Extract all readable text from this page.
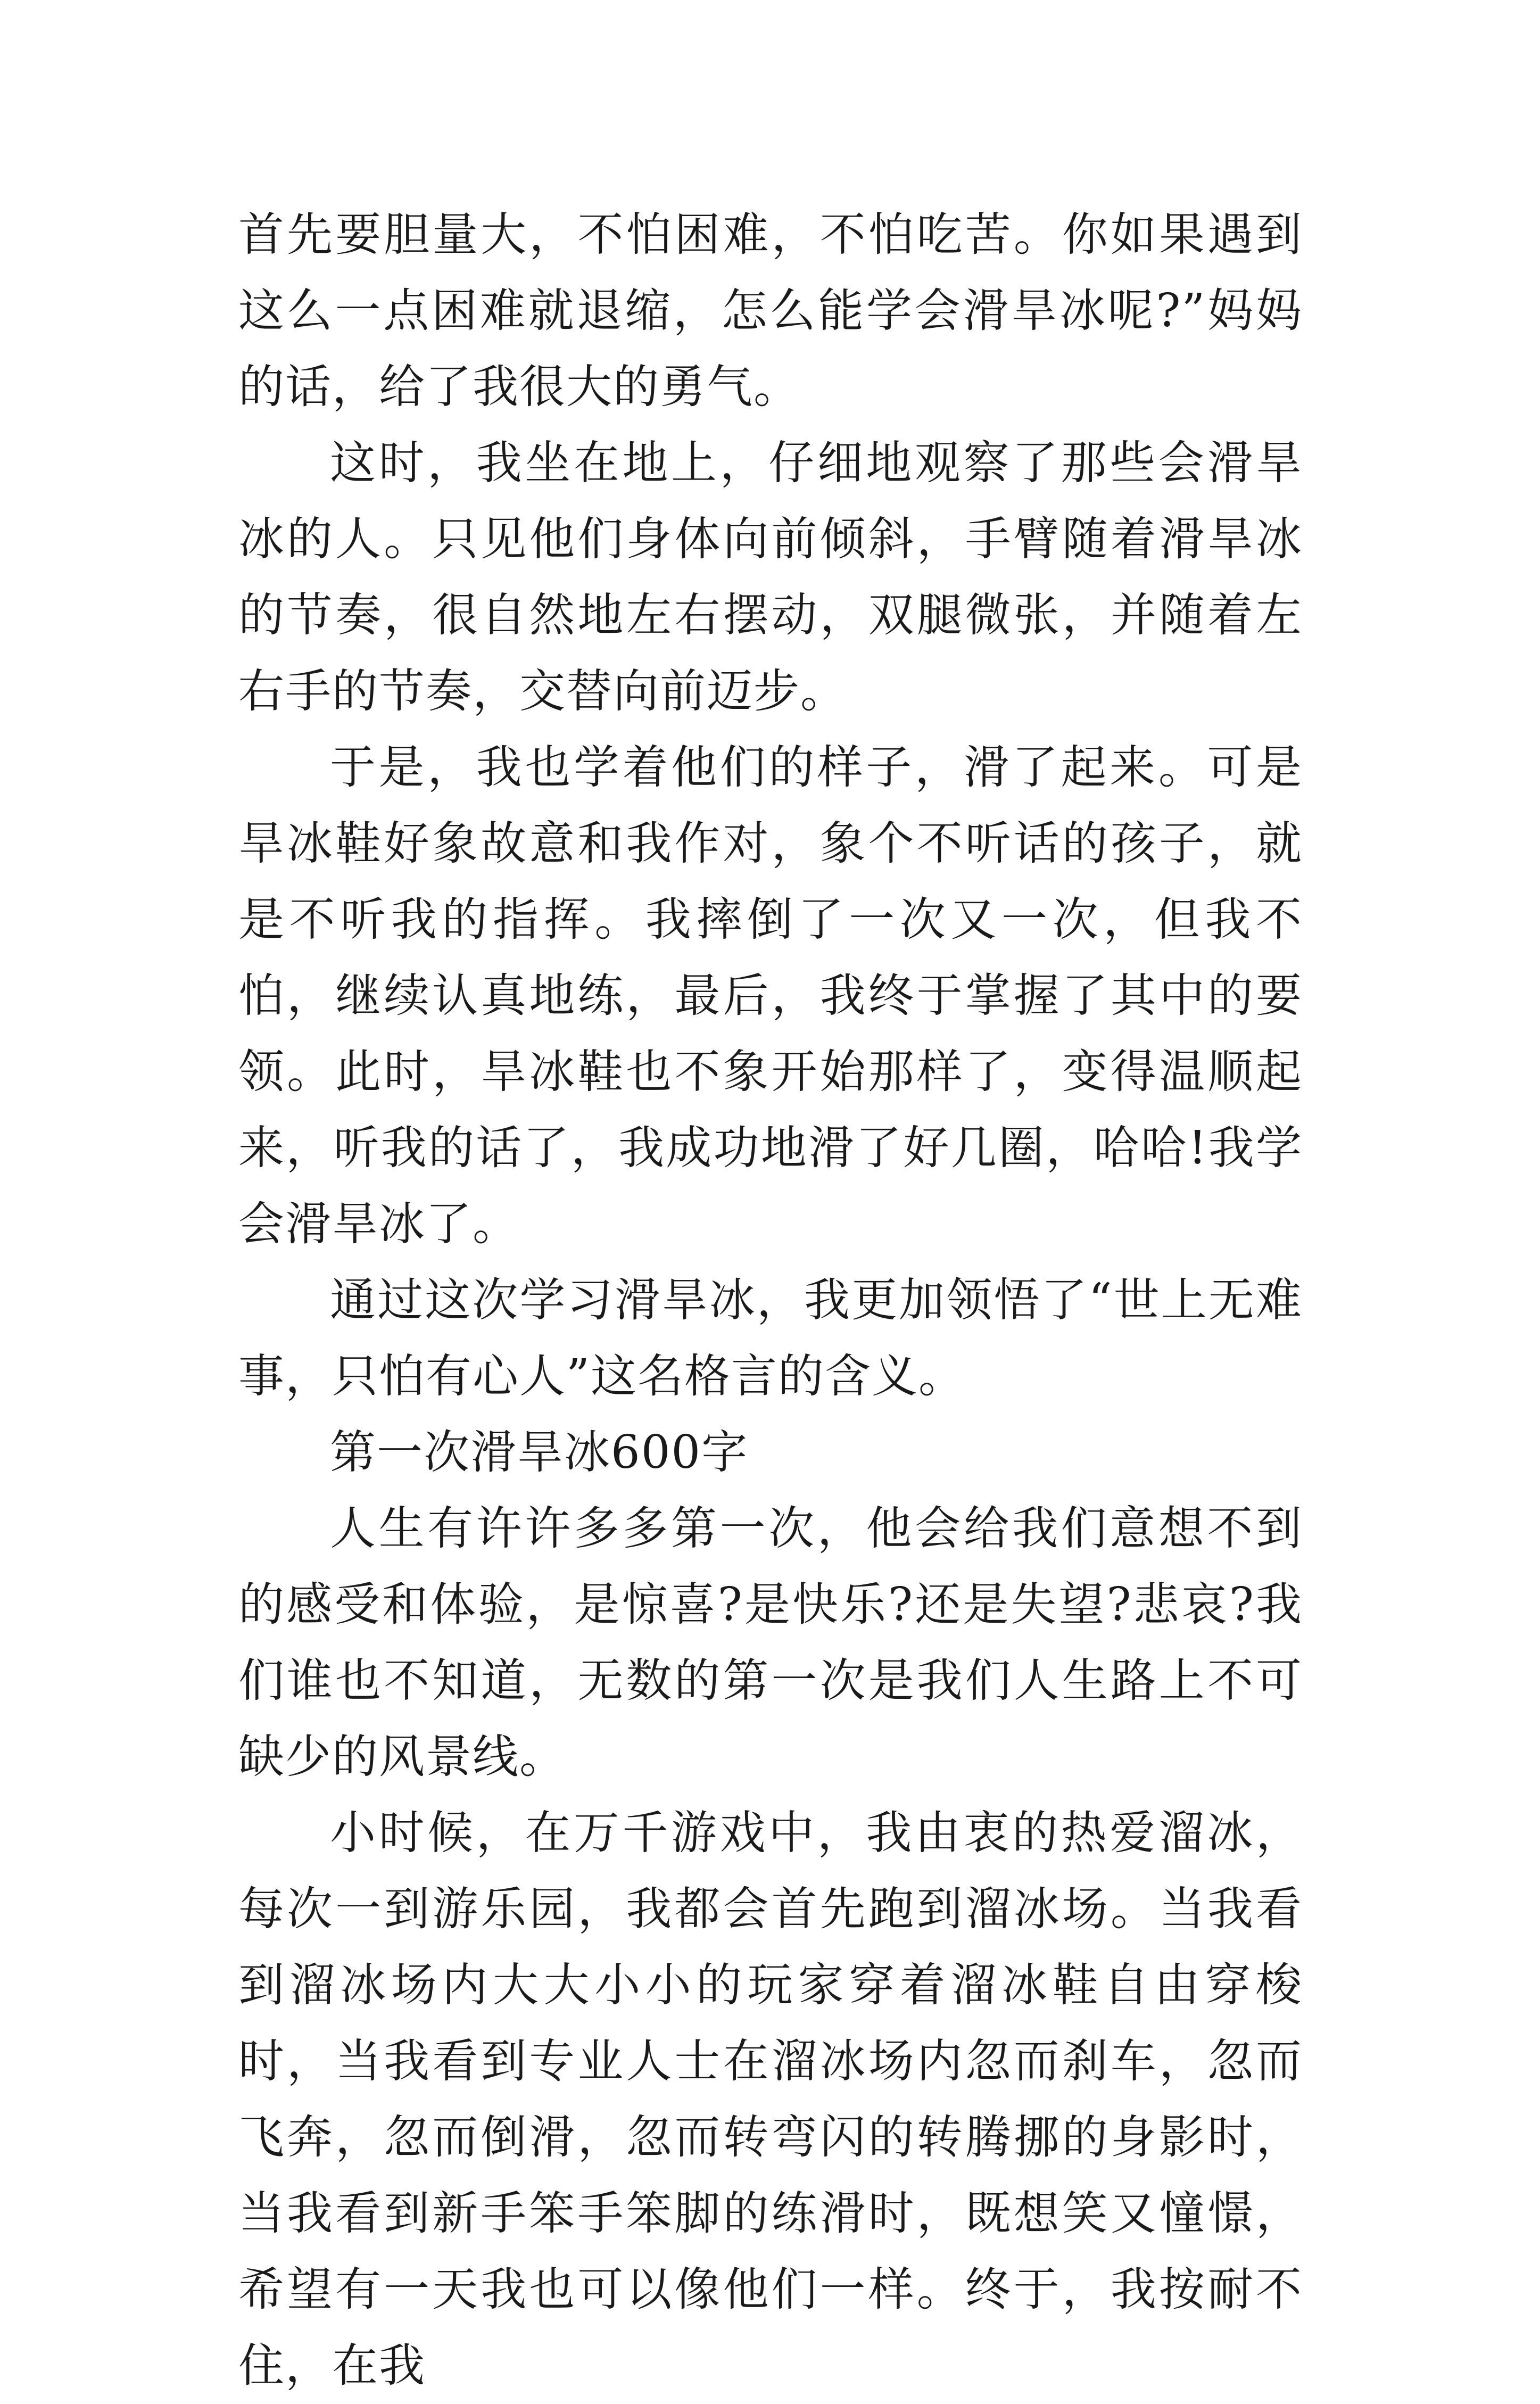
首先要胆量大，不怕困难，不怕吃苦。你如果遇到这么一点困难就退缩，怎么能学会滑旱冰呢?”妈妈的话，给了我很大的勇气。

这时，我坐在地上，仔细地观察了那些会滑旱冰的人。只见他们身体向前倾斜，手臂随着滑旱冰的节奏，很自然地左右摆动，双腿微张，并随着左右手的节奏，交替向前迈步。

于是，我也学着他们的样子，滑了起来。可是旱冰鞋好象故意和我作对，象个不听话的孩子，就是不听我的指挥。我摔倒了一次又一次，但我不怕，继续认真地练，最后，我终于掌握了其中的要领。此时，旱冰鞋也不象开始那样了，变得温顺起来，听我的话了，我成功地滑了好几圈，哈哈!我学会滑旱冰了。

通过这次学习滑旱冰，我更加领悟了“世上无难事，只怕有心人”这名格言的含义。

第一次滑旱冰600字

人生有许许多多第一次，他会给我们意想不到的感受和体验，是惊喜?是快乐?还是失望?悲哀?我们谁也不知道，无数的第一次是我们人生路上不可缺少的风景线。

小时候，在万千游戏中，我由衷的热爱溜冰，每次一到游乐园，我都会首先跑到溜冰场。当我看到溜冰场内大大小小的玩家穿着溜冰鞋自由穿梭时，当我看到专业人士在溜冰场内忽而刹车，忽而飞奔，忽而倒滑，忽而转弯闪的转腾挪的身影时，当我看到新手笨手笨脚的练滑时，既想笑又憧憬，希望有一天我也可以像他们一样。终于，我按耐不住，在我
